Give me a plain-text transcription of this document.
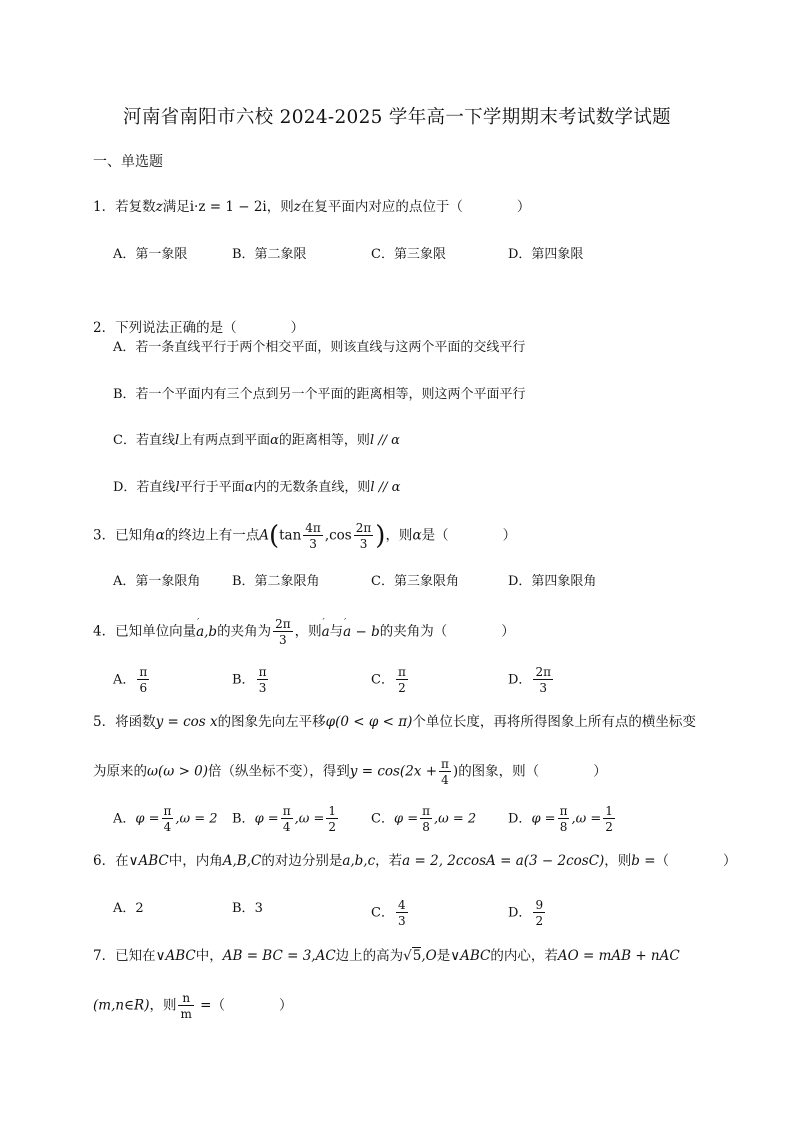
河南省南阳市六校 2024-2025 学年高一下学期期末考试数学试题
一、单选题
1．若复数z满足i·z = 1 − 2i，则z在复平面内对应的点位于（	）
A．第一象限	B．第二象限	C．第三象限	D．第四象限
2．下列说法正确的是（	）
A．若一条直线平行于两个相交平面，则该直线与这两个平面的交线平行
B．若一个平面内有三个点到另一个平面的距离相等，则这两个平面平行
C．若直线l上有两点到平面α的距离相等，则l // α
D．若直线l平行于平面α内的无数条直线，则l // α
3．已知角α的终边上有一点$A(\tan \frac{4\pi}{3} ,\cos \frac{2\pi}{3}$ )，则α是（	）
A．第一象限角 B．第二象限角	C．第三象限角	D．第四象限角
4．已知单位向量′ a,b的夹角为 $\frac{2\pi}{3}$ ，则′ a与′ a − b的夹角为（	）
A． $\frac{\pi}{6}$	B． $\frac{\pi}{3}$	C． $\frac{\pi}{2}$	D． $\frac{2\pi}{3}$
5．将函数y = cos x的图象先向左平移φ(0 < φ < π)个单位长度，再将所得图象上所有点的横坐标变
为原来的ω(ω > 0)倍（纵坐标不变），得到$y = \cos(2x + \frac{\pi}{4}$ )的图象，则（	）
A．$\varphi = \frac{\pi}{4} ,\omega = 2$ B．$\varphi = \frac{\pi}{4} ,\omega = \frac{1}{2}$	C．$\varphi = \frac{\pi}{8} ,\omega = 2$ D．$\varphi = \frac{\pi}{8} ,\omega = \frac{1}{2}$
6．在∨ABC中，内角A,B,C的对边分别是a,b,c，若a = 2, 2ccosA = a(3 − 2cosC)，则b =（	）
A．2	B．3	C． $\frac{4}{3}$	D． $\frac{9}{2}$
7．已知在∨ABC中，AB = BC = 3,AC边上的高为√5,O是∨ABC的内心，若AO = mAB + nAC
(m,n∈R)，则 $\frac{n}{m}$ =（	）
